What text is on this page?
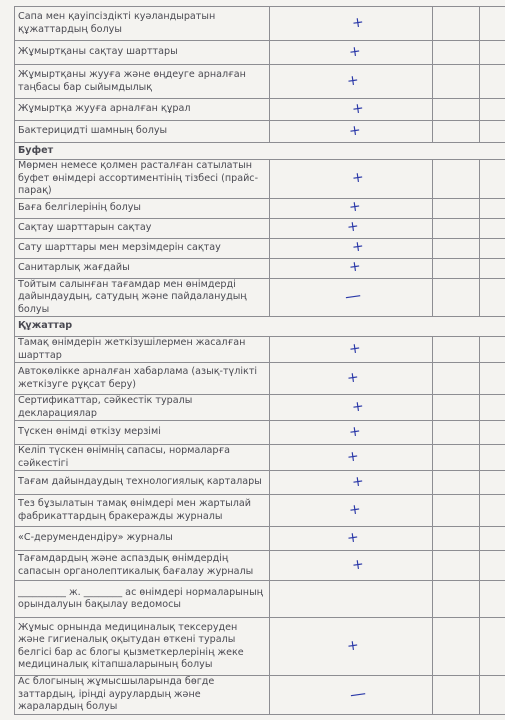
Сапа мен қауіпсіздікті куәландыратын құжаттардың болуы	+		
Жұмыртқаны сақтау шарттары	+		
Жұмыртқаны жууға және өңдеуге арналған таңбасы бар сыйымдылық	+		
Жұмыртқа жууға арналған құрал	+		
Бактерицидті шамның болуы	+		
Буфет			
Мөрмен немесе қолмен расталған сатылатын буфет өнімдері ассортиментінің тізбесі (прайс-парақ)	+		
Баға белгілерінің болуы	+		
Сақтау шарттарын сақтау	+		
Сату шарттары мен мерзімдерін сақтау	+		
Санитарлық жағдайы	+		
Тойтым салынған тағамдар мен өнімдерді дайындаудың, сатудың және пайдаланудың болуы	—		
Құжаттар			
Тамақ өнімдерін жеткізушілермен жасалған шарттар	+		
Автокөлікке арналған хабарлама (азық-түлікті жеткізуге рұқсат беру)	+		
Сертификаттар, сәйкестік туралы декларациялар	+		
Түскен өнімді өткізу мерзімі	+		
Келіп түскен өнімнің сапасы, нормаларға сәйкестігі	+		
Тағам дайындаудың технологиялық карталары	+		
Тез бұзылатын тамақ өнімдері мен жартылай фабрикаттардың бракеражды журналы	+		
«С-дерумендендіру» журналы	+		
Тағамдардың және аспаздық өнімдердің сапасын органолептикалық бағалау журналы	+		
__________ ж. ________ ас өнімдері нормаларының орындалуын бақылау ведомосы			
Жұмыс орнында медициналық тексеруден және гигиеналық оқытудан өткені туралы белгісі бар ас блогы қызметкерлерінің жеке медициналық кітапшаларының болуы	+		
Ас блогының жұмысшыларында бөгде заттардың, іріңді аурулардың және жаралардың болуы	—		
